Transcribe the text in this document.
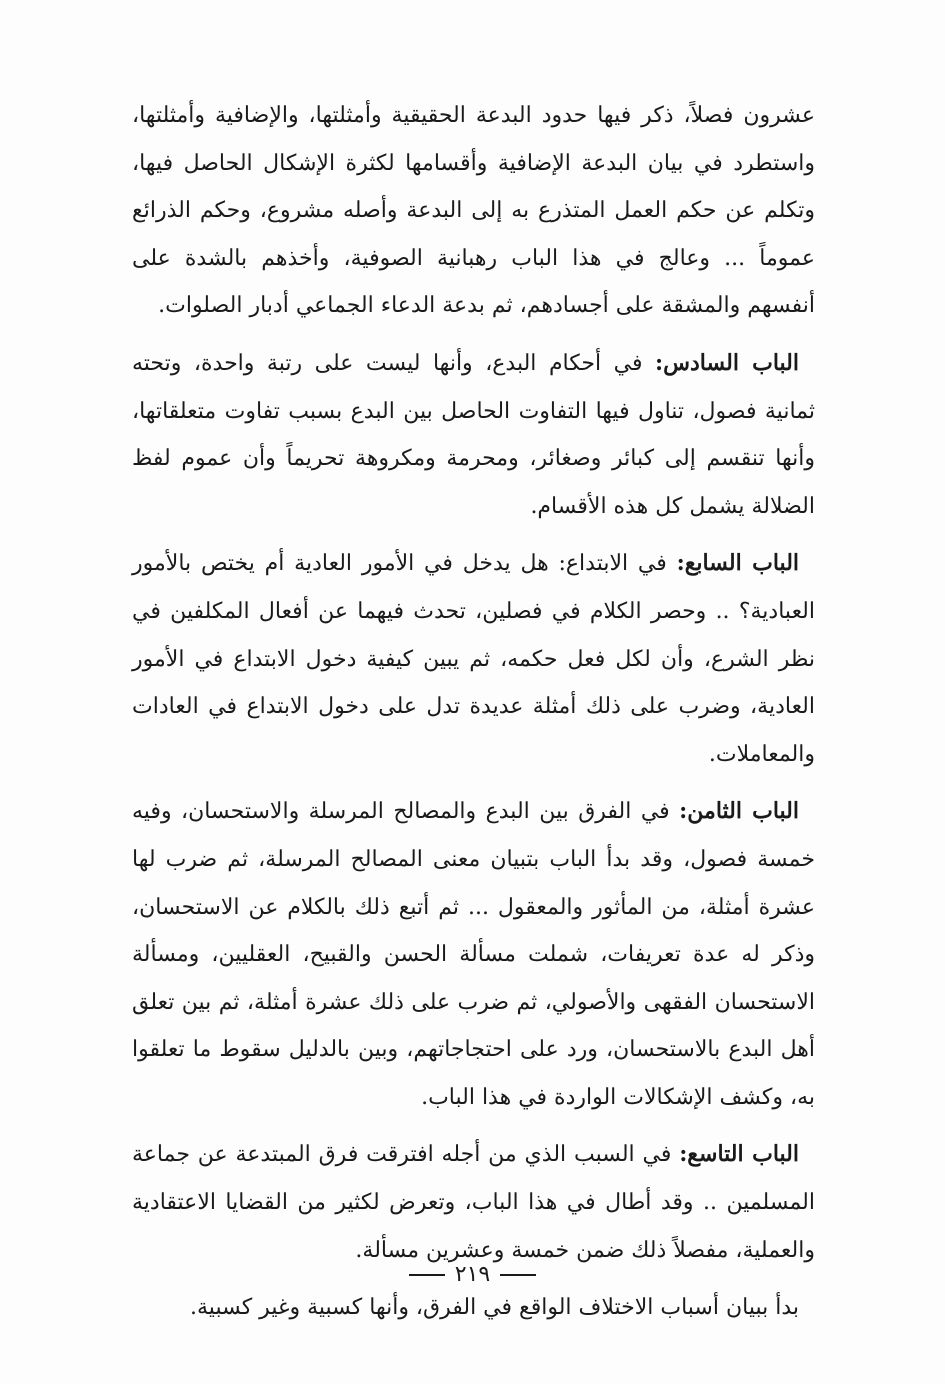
عشرون فصلاً، ذكر فيها حدود البدعة الحقيقية وأمثلتها، والإضافية وأمثلتها، واستطرد في بيان البدعة الإضافية وأقسامها لكثرة الإشكال الحاصل فيها، وتكلم عن حكم العمل المتذرع به إلى البدعة وأصله مشروع، وحكم الذرائع عموماً ... وعالج في هذا الباب رهبانية الصوفية، وأخذهم بالشدة على أنفسهم والمشقة على أجسادهم، ثم بدعة الدعاء الجماعي أدبار الصلوات.

الباب السادس: في أحكام البدع، وأنها ليست على رتبة واحدة، وتحته ثمانية فصول، تناول فيها التفاوت الحاصل بين البدع بسبب تفاوت متعلقاتها، وأنها تنقسم إلى كبائر وصغائر، ومحرمة ومكروهة تحريماً وأن عموم لفظ الضلالة يشمل كل هذه الأقسام.

الباب السابع: في الابتداع: هل يدخل في الأمور العادية أم يختص بالأمور العبادية؟ .. وحصر الكلام في فصلين، تحدث فيهما عن أفعال المكلفين في نظر الشرع، وأن لكل فعل حكمه، ثم يبين كيفية دخول الابتداع في الأمور العادية، وضرب على ذلك أمثلة عديدة تدل على دخول الابتداع في العادات والمعاملات.

الباب الثامن: في الفرق بين البدع والمصالح المرسلة والاستحسان، وفيه خمسة فصول، وقد بدأ الباب بتبيان معنى المصالح المرسلة، ثم ضرب لها عشرة أمثلة، من المأثور والمعقول ... ثم أتبع ذلك بالكلام عن الاستحسان، وذكر له عدة تعريفات، شملت مسألة الحسن والقبيح، العقليين، ومسألة الاستحسان الفقهى والأصولي، ثم ضرب على ذلك عشرة أمثلة، ثم بين تعلق أهل البدع بالاستحسان، ورد على احتجاجاتهم، وبين بالدليل سقوط ما تعلقوا به، وكشف الإشكالات الواردة في هذا الباب.

الباب التاسع: في السبب الذي من أجله افترقت فرق المبتدعة عن جماعة المسلمين .. وقد أطال في هذا الباب، وتعرض لكثير من القضايا الاعتقادية والعملية، مفصلاً ذلك ضمن خمسة وعشرين مسألة.

بدأ ببيان أسباب الاختلاف الواقع في الفرق، وأنها كسبية وغير كسبية.

٢١٩
